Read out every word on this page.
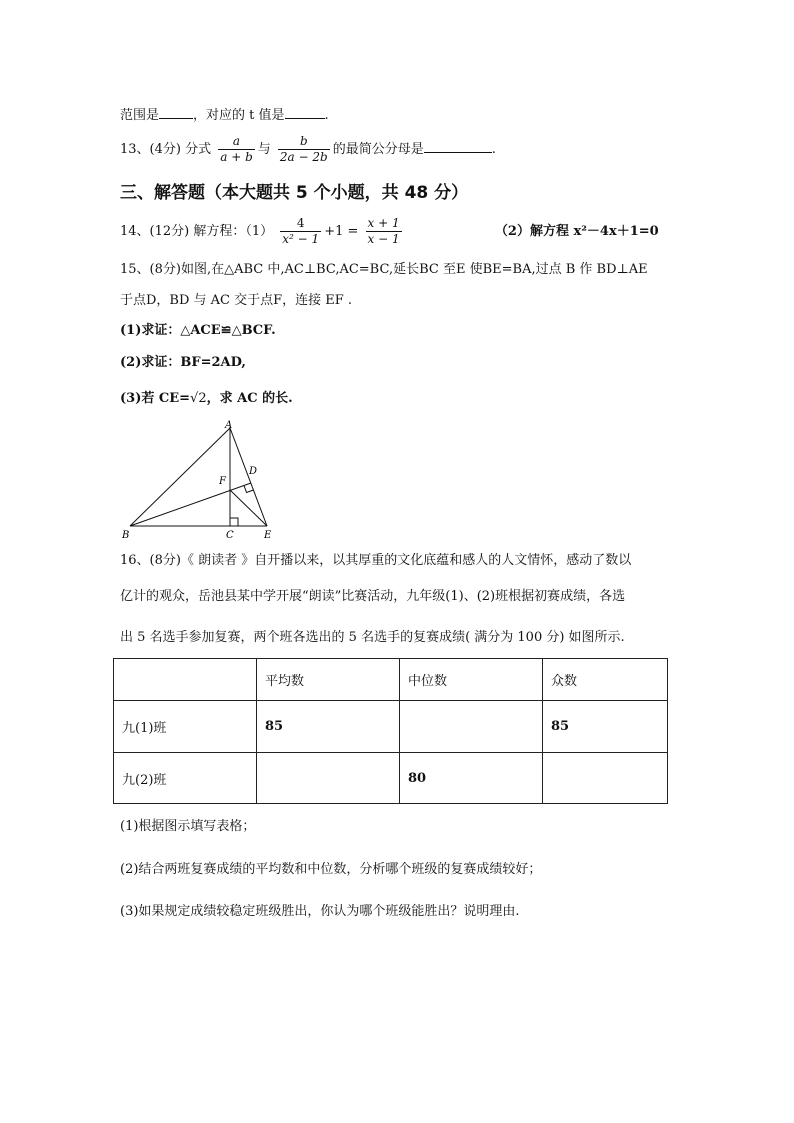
范围是	，对应的 t 值是	.
13、(4分) 分式 $\frac{a}{a + b}$ 与 $\frac{b}{2a - 2b}$ 的最简公分母是	.
三、解答题（本大题共 5 个小题，共 48 分）
14、(12分) 解方程：$(1) \frac{4}{\text{x² − 1}} +1 = \frac{x + 1}{x - 1}$	（2）解方程 x²－4x＋1=0
15、(8分)如图,在△ABC 中,AC⊥BC,AC=BC,延长BC 至E 使BE=BA,过点 B 作 BD⊥AE
于点D，BD 与 AC 交于点F，连接 EF .
(1)求证：△ACE≌△BCF.
(2)求证：BF=2AD,
(3)若 CE=√2，求 AC 的长.
A
D
F
B	C	E
16、(8分)《 朗读者 》自开播以来，以其厚重的文化底蕴和感人的人文情怀，感动了数以
亿计的观众，岳池县某中学开展“朗读”比赛活动，九年级(1)、(2)班根据初赛成绩，各选
出 5 名选手参加复赛，两个班各选出的 5 名选手的复赛成绩( 满分为 100 分) 如图所示.
	平均数	中位数	众数
九(1)班	85		85
九(2)班		80	
(1)根据图示填写表格；
(2)结合两班复赛成绩的平均数和中位数，分析哪个班级的复赛成绩较好；
(3)如果规定成绩较稳定班级胜出，你认为哪个班级能胜出？说明理由.
